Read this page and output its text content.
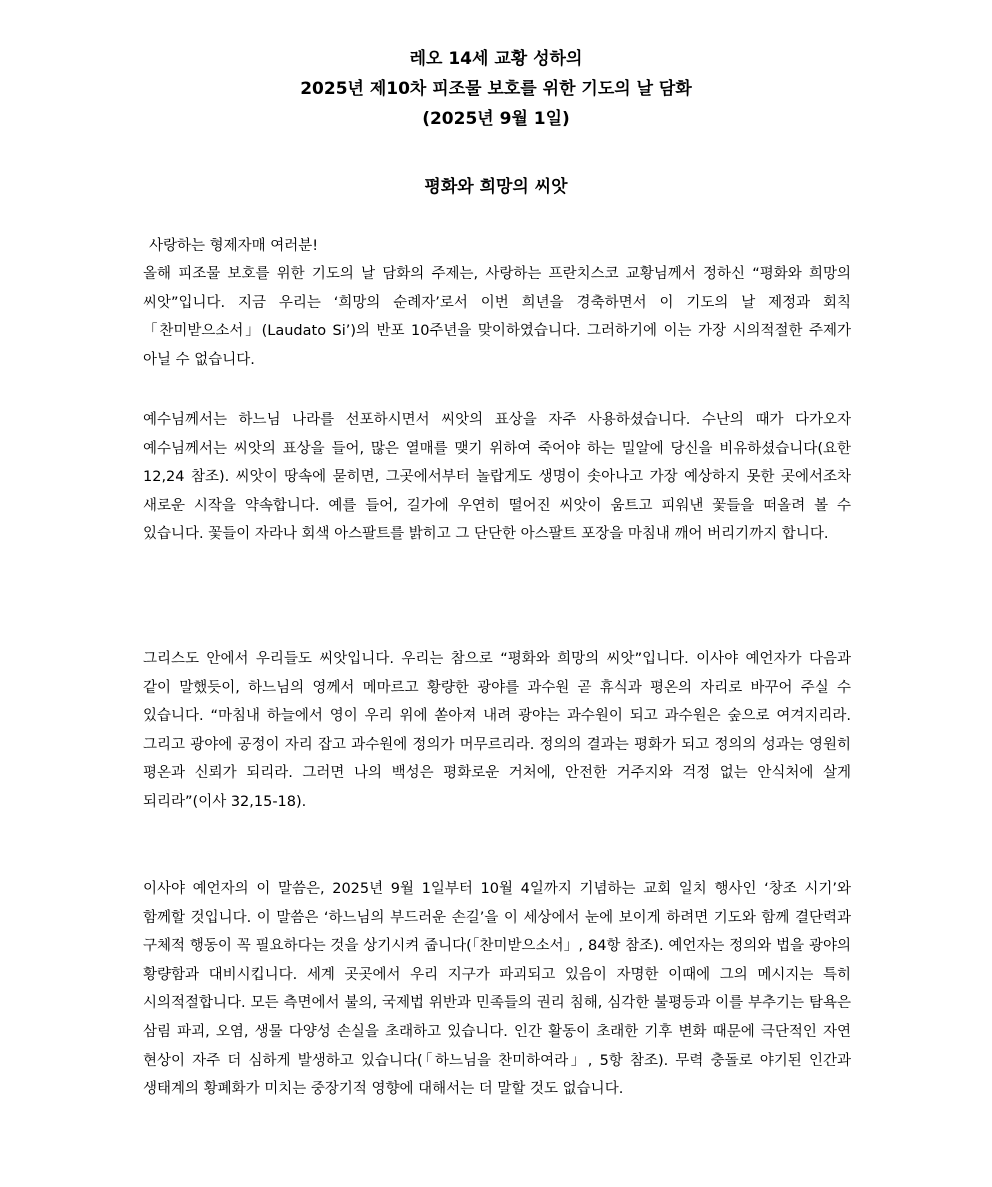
레오 14세 교황 성하의
2025년 제10차 피조물 보호를 위한 기도의 날 담화
(2025년 9월 1일)
평화와 희망의 씨앗

사랑하는 형제자매 여러분!

올해 피조물 보호를 위한 기도의 날 담화의 주제는, 사랑하는 프란치스코 교황님께서 정하신 “평화와 희망의 씨앗”입니다. 지금 우리는 ‘희망의 순례자’로서 이번 희년을 경축하면서 이 기도의 날 제정과 회칙「찬미받으소서」(Laudato Si’)의 반포 10주년을 맞이하였습니다. 그러하기에 이는 가장 시의적절한 주제가 아닐 수 없습니다.

예수님께서는 하느님 나라를 선포하시면서 씨앗의 표상을 자주 사용하셨습니다. 수난의 때가 다가오자 예수님께서는 씨앗의 표상을 들어, 많은 열매를 맺기 위하여 죽어야 하는 밀알에 당신을 비유하셨습니다(요한 12,24 참조). 씨앗이 땅속에 묻히면, 그곳에서부터 놀랍게도 생명이 솟아나고 가장 예상하지 못한 곳에서조차 새로운 시작을 약속합니다. 예를 들어, 길가에 우연히 떨어진 씨앗이 움트고 피워낸 꽃들을 떠올려 볼 수 있습니다. 꽃들이 자라나 회색 아스팔트를 밝히고 그 단단한 아스팔트 포장을 마침내 깨어 버리기까지 합니다.

그리스도 안에서 우리들도 씨앗입니다. 우리는 참으로 “평화와 희망의 씨앗”입니다. 이사야 예언자가 다음과 같이 말했듯이, 하느님의 영께서 메마르고 황량한 광야를 과수원 곧 휴식과 평온의 자리로 바꾸어 주실 수 있습니다. “마침내 하늘에서 영이 우리 위에 쏟아져 내려 광야는 과수원이 되고 과수원은 숲으로 여겨지리라. 그리고 광야에 공정이 자리 잡고 과수원에 정의가 머무르리라. 정의의 결과는 평화가 되고 정의의 성과는 영원히 평온과 신뢰가 되리라. 그러면 나의 백성은 평화로운 거처에, 안전한 거주지와 걱정 없는 안식처에 살게 되리라”(이사 32,15-18).

이사야 예언자의 이 말씀은, 2025년 9월 1일부터 10월 4일까지 기념하는 교회 일치 행사인 ‘창조 시기’와 함께할 것입니다. 이 말씀은 ‘하느님의 부드러운 손길’을 이 세상에서 눈에 보이게 하려면 기도와 함께 결단력과 구체적 행동이 꼭 필요하다는 것을 상기시켜 줍니다(「찬미받으소서」, 84항 참조). 예언자는 정의와 법을 광야의 황량함과 대비시킵니다. 세계 곳곳에서 우리 지구가 파괴되고 있음이 자명한 이때에 그의 메시지는 특히 시의적절합니다. 모든 측면에서 불의, 국제법 위반과 민족들의 권리 침해, 심각한 불평등과 이를 부추기는 탐욕은 삼림 파괴, 오염, 생물 다양성 손실을 초래하고 있습니다. 인간 활동이 초래한 기후 변화 때문에 극단적인 자연 현상이 자주 더 심하게 발생하고 있습니다(「하느님을 찬미하여라」, 5항 참조). 무력 충돌로 야기된 인간과 생태계의 황폐화가 미치는 중장기적 영향에 대해서는 더 말할 것도 없습니다.
